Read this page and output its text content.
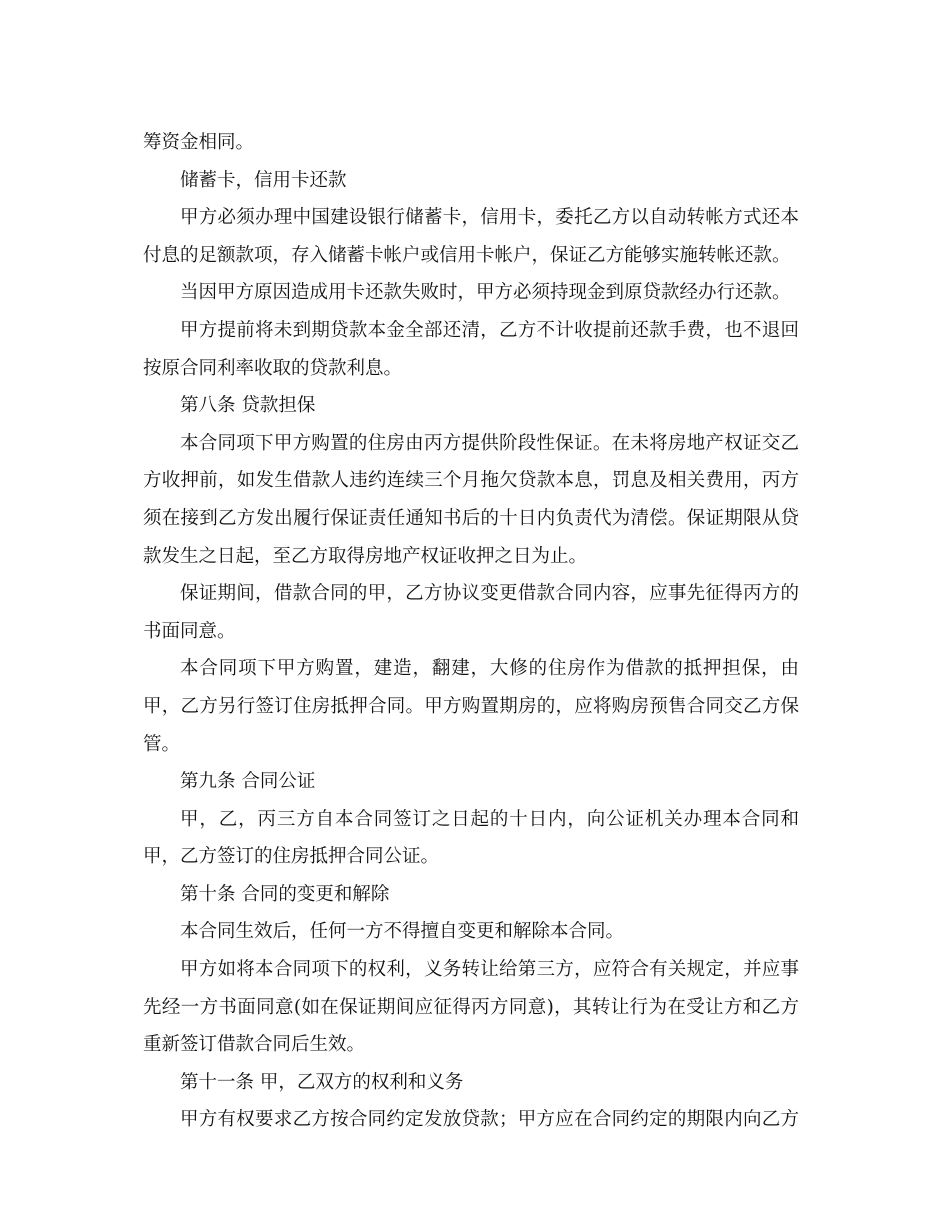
筹资金相同。
储蓄卡，信用卡还款
甲方必须办理中国建设银行储蓄卡，信用卡，委托乙方以自动转帐方式还本
付息的足额款项，存入储蓄卡帐户或信用卡帐户，保证乙方能够实施转帐还款。
当因甲方原因造成用卡还款失败时，甲方必须持现金到原贷款经办行还款。
甲方提前将未到期贷款本金全部还清，乙方不计收提前还款手费，也不退回
按原合同利率收取的贷款利息。
第八条 贷款担保
本合同项下甲方购置的住房由丙方提供阶段性保证。在未将房地产权证交乙
方收押前，如发生借款人违约连续三个月拖欠贷款本息，罚息及相关费用，丙方
须在接到乙方发出履行保证责任通知书后的十日内负责代为清偿。保证期限从贷
款发生之日起，至乙方取得房地产权证收押之日为止。
保证期间，借款合同的甲，乙方协议变更借款合同内容，应事先征得丙方的
书面同意。
本合同项下甲方购置，建造，翻建，大修的住房作为借款的抵押担保，由
甲，乙方另行签订住房抵押合同。甲方购置期房的，应将购房预售合同交乙方保
管。
第九条 合同公证
甲，乙，丙三方自本合同签订之日起的十日内，向公证机关办理本合同和
甲，乙方签订的住房抵押合同公证。
第十条 合同的变更和解除
本合同生效后，任何一方不得擅自变更和解除本合同。
甲方如将本合同项下的权利，义务转让给第三方，应符合有关规定，并应事
先经一方书面同意(如在保证期间应征得丙方同意)，其转让行为在受让方和乙方
重新签订借款合同后生效。
第十一条 甲，乙双方的权利和义务
甲方有权要求乙方按合同约定发放贷款；甲方应在合同约定的期限内向乙方
